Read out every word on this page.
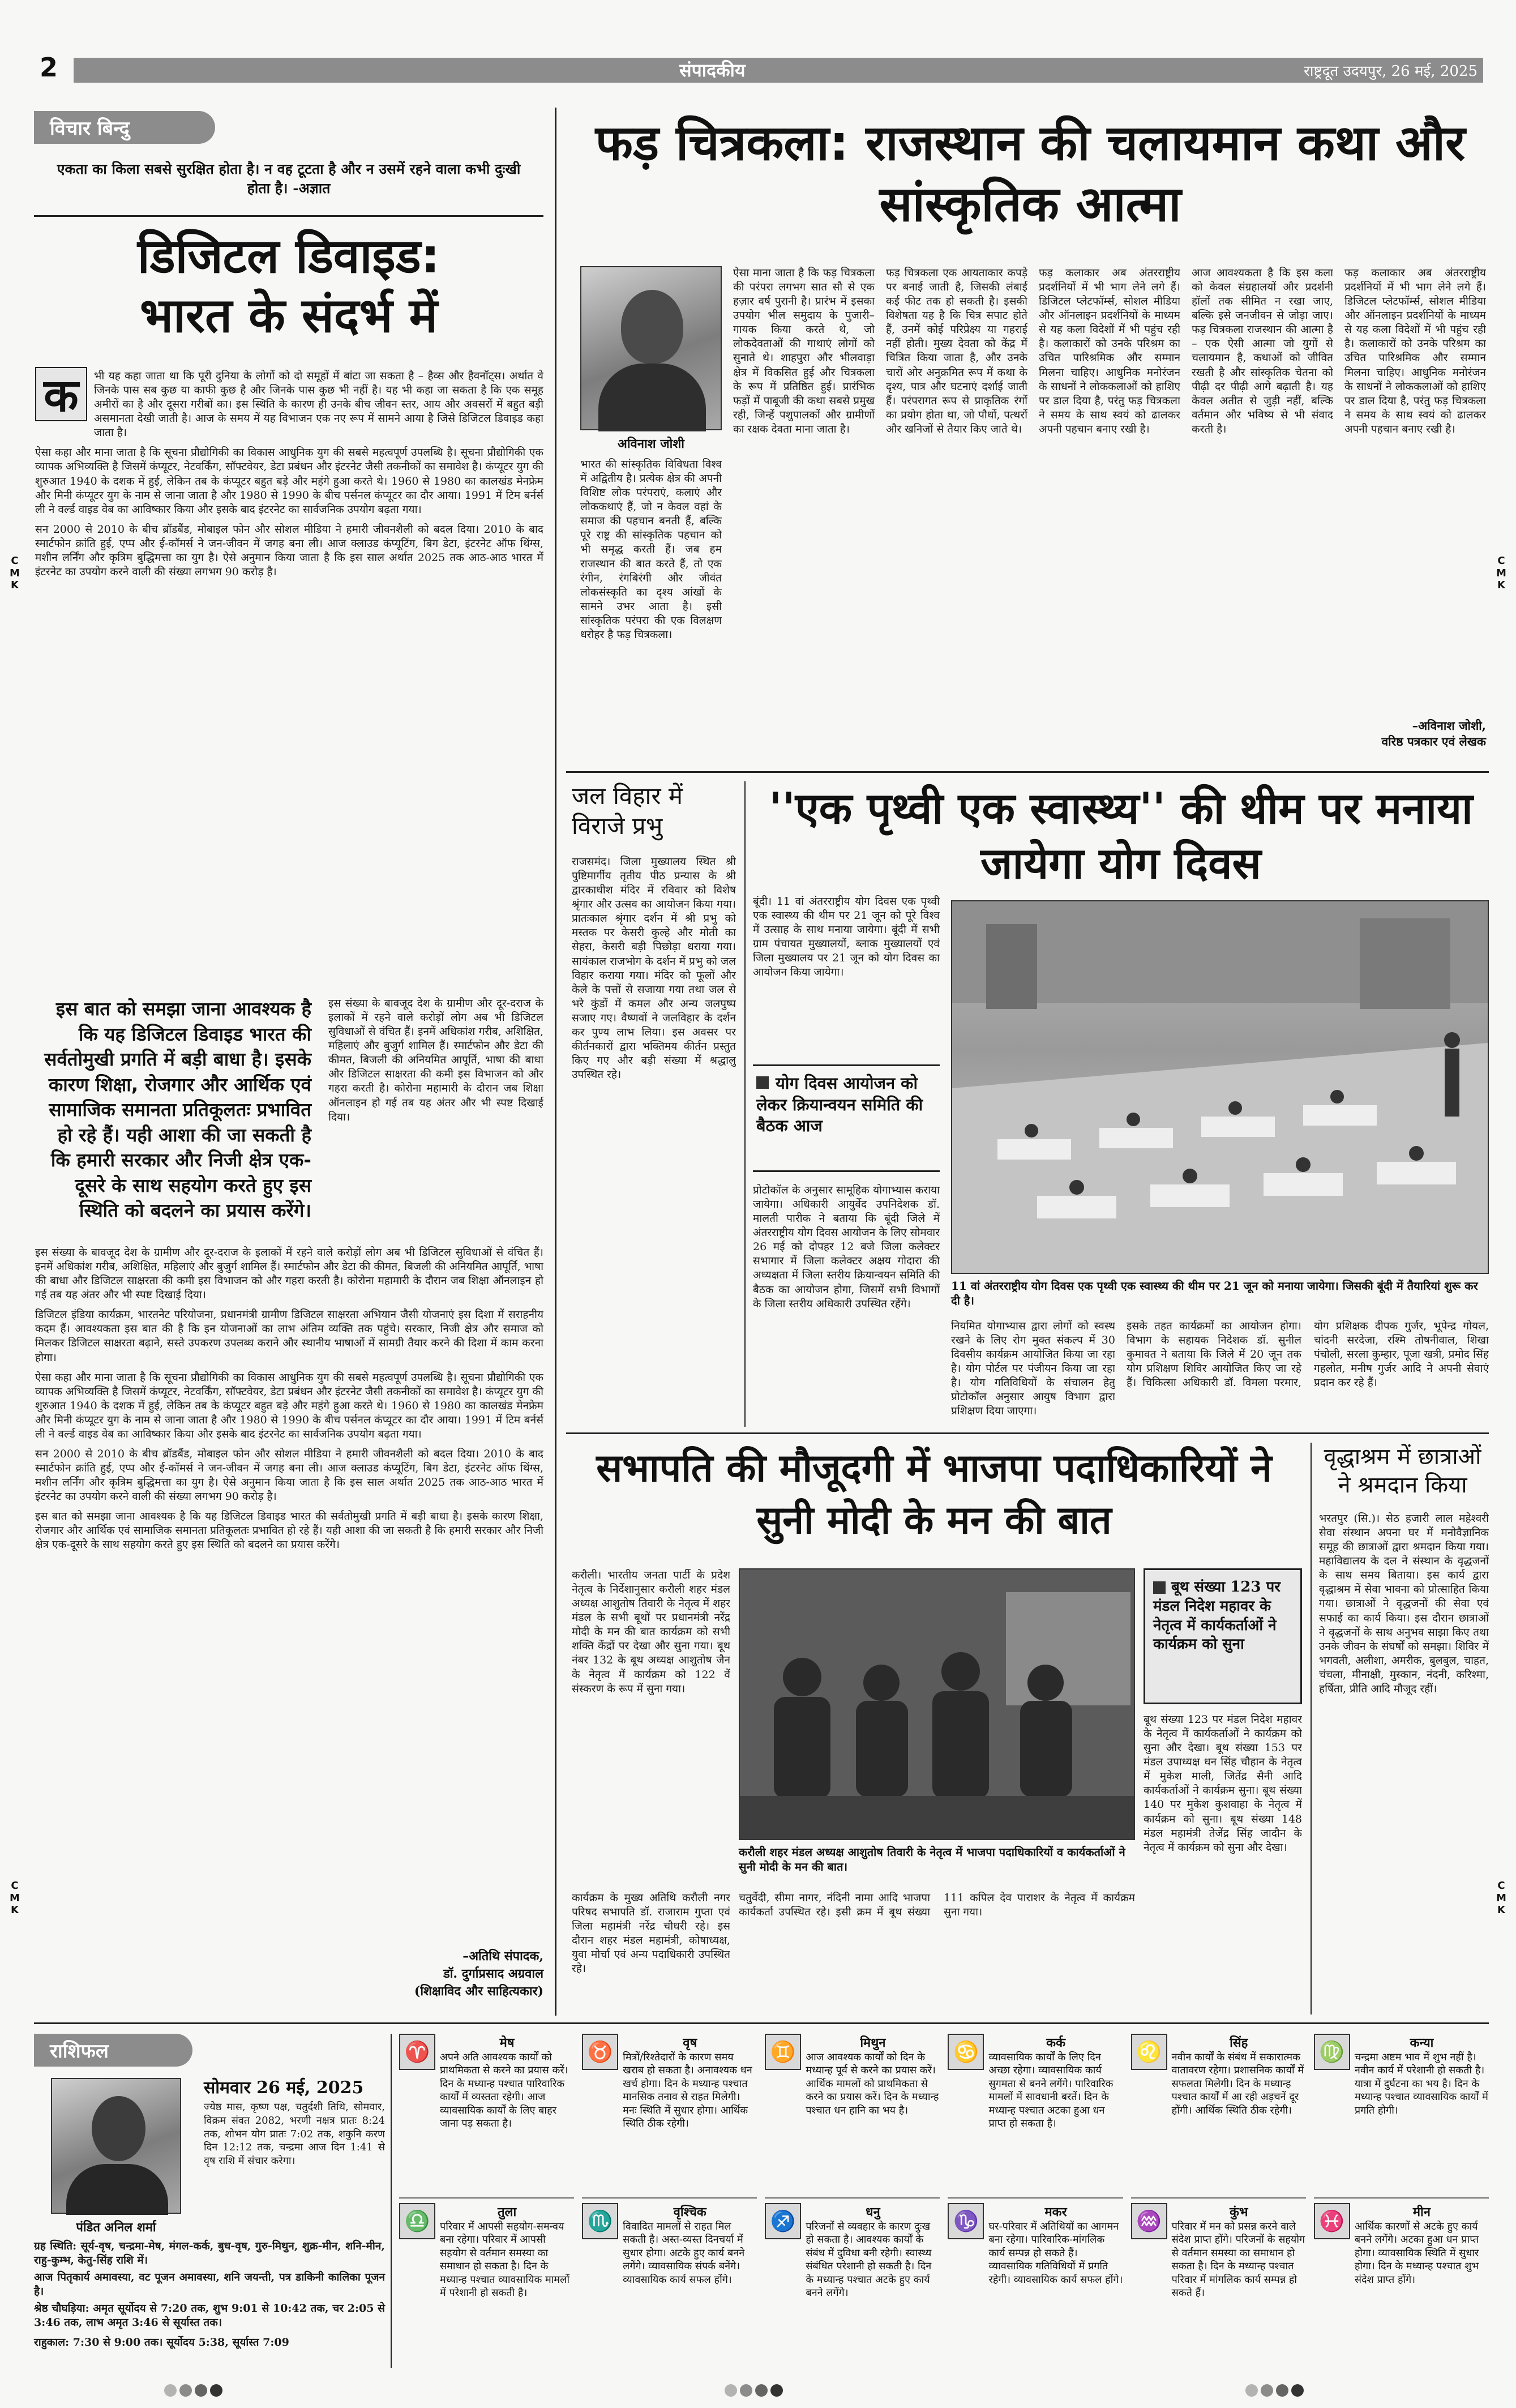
2	संपादकीय	राष्ट्रदूत उदयपुर, 26 मई, 2025
विचार बिन्दु
एकता का किला सबसे सुरक्षित होता है। न वह टूटता है और न उसमें रहने वाला कभी दुःखी होता है। -अज्ञात
डिजिटल डिवाइड: भारत के संदर्भ में
क	भी यह कहा जाता था कि पूरी दुनिया के लोगों को दो समूहों में बांटा जा सकता है – हैव्स और हैवनॉट्स। अर्थात वे जिनके पास सब कुछ या काफी कुछ है और जिनके पास कुछ भी नहीं है। यह भी कहा जा सकता है कि एक समूह अमीरों का है और दूसरा गरीबों का। इस स्थिति के कारण ही उनके बीच जीवन स्तर, आय और अवसरों में बहुत बड़ी असमानता देखी जाती है। आज के समय में यह विभाजन एक नए रूप में सामने आया है जिसे डिजिटल डिवाइड कहा जाता है।
ऐसा कहा और माना जाता है कि सूचना प्रौद्योगिकी का विकास आधुनिक युग की सबसे महत्वपूर्ण उपलब्धि है। सूचना प्रौद्योगिकी एक व्यापक अभिव्यक्ति है जिसमें कंप्यूटर, नेटवर्किंग, सॉफ्टवेयर, डेटा प्रबंधन और इंटरनेट जैसी तकनीकों का समावेश है। कंप्यूटर युग की शुरुआत 1940 के दशक में हुई, लेकिन तब के कंप्यूटर बहुत बड़े और महंगे हुआ करते थे। 1960 से 1980 का कालखंड मेनफ्रेम और मिनी कंप्यूटर युग के नाम से जाना जाता है और 1980 से 1990 के बीच पर्सनल कंप्यूटर का दौर आया। 1991 में टिम बर्नर्स ली ने वर्ल्ड वाइड वेब का आविष्कार किया और इसके बाद इंटरनेट का सार्वजनिक उपयोग बढ़ता गया।
सन 2000 से 2010 के बीच ब्रॉडबैंड, मोबाइल फोन और सोशल मीडिया ने हमारी जीवनशैली को बदल दिया। 2010 के बाद स्मार्टफोन क्रांति हुई, एप्प और ई-कॉमर्स ने जन-जीवन में जगह बना ली। आज क्लाउड कंप्यूटिंग, बिग डेटा, इंटरनेट ऑफ थिंग्स, मशीन लर्निंग और कृत्रिम बुद्धिमत्ता का युग है। ऐसे अनुमान किया जाता है कि इस साल अर्थात 2025 तक आठ-आठ भारत में इंटरनेट का उपयोग करने वाली की संख्या लगभग 90 करोड़ है।
इस बात को समझा जाना आवश्यक है कि यह डिजिटल डिवाइड भारत की सर्वतोमुखी प्रगति में बड़ी बाधा है। इसके कारण शिक्षा, रोजगार और आर्थिक एवं सामाजिक समानता प्रतिकूलतः प्रभावित हो रहे हैं। यही आशा की जा सकती है कि हमारी सरकार और निजी क्षेत्र एक-दूसरे के साथ सहयोग करते हुए इस स्थिति को बदलने का प्रयास करेंगे।
इस संख्या के बावजूद देश के ग्रामीण और दूर-दराज के इलाकों में रहने वाले करोड़ों लोग अब भी डिजिटल सुविधाओं से वंचित हैं। इनमें अधिकांश गरीब, अशिक्षित, महिलाएं और बुजुर्ग शामिल हैं। स्मार्टफोन और डेटा की कीमत, बिजली की अनियमित आपूर्ति, भाषा की बाधा और डिजिटल साक्षरता की कमी इस विभाजन को और गहरा करती है। कोरोना महामारी के दौरान जब शिक्षा ऑनलाइन हो गई तब यह अंतर और भी स्पष्ट दिखाई दिया।
इस संख्या के बावजूद देश के ग्रामीण और दूर-दराज के इलाकों में रहने वाले करोड़ों लोग अब भी डिजिटल सुविधाओं से वंचित हैं। इनमें अधिकांश गरीब, अशिक्षित, महिलाएं और बुजुर्ग शामिल हैं। स्मार्टफोन और डेटा की कीमत, बिजली की अनियमित आपूर्ति, भाषा की बाधा और डिजिटल साक्षरता की कमी इस विभाजन को और गहरा करती है। कोरोना महामारी के दौरान जब शिक्षा ऑनलाइन हो गई तब यह अंतर और भी स्पष्ट दिखाई दिया।
डिजिटल इंडिया कार्यक्रम, भारतनेट परियोजना, प्रधानमंत्री ग्रामीण डिजिटल साक्षरता अभियान जैसी योजनाएं इस दिशा में सराहनीय कदम हैं। आवश्यकता इस बात की है कि इन योजनाओं का लाभ अंतिम व्यक्ति तक पहुंचे। सरकार, निजी क्षेत्र और समाज को मिलकर डिजिटल साक्षरता बढ़ाने, सस्ते उपकरण उपलब्ध कराने और स्थानीय भाषाओं में सामग्री तैयार करने की दिशा में काम करना होगा।
ऐसा कहा और माना जाता है कि सूचना प्रौद्योगिकी का विकास आधुनिक युग की सबसे महत्वपूर्ण उपलब्धि है। सूचना प्रौद्योगिकी एक व्यापक अभिव्यक्ति है जिसमें कंप्यूटर, नेटवर्किंग, सॉफ्टवेयर, डेटा प्रबंधन और इंटरनेट जैसी तकनीकों का समावेश है। कंप्यूटर युग की शुरुआत 1940 के दशक में हुई, लेकिन तब के कंप्यूटर बहुत बड़े और महंगे हुआ करते थे। 1960 से 1980 का कालखंड मेनफ्रेम और मिनी कंप्यूटर युग के नाम से जाना जाता है और 1980 से 1990 के बीच पर्सनल कंप्यूटर का दौर आया। 1991 में टिम बर्नर्स ली ने वर्ल्ड वाइड वेब का आविष्कार किया और इसके बाद इंटरनेट का सार्वजनिक उपयोग बढ़ता गया।
सन 2000 से 2010 के बीच ब्रॉडबैंड, मोबाइल फोन और सोशल मीडिया ने हमारी जीवनशैली को बदल दिया। 2010 के बाद स्मार्टफोन क्रांति हुई, एप्प और ई-कॉमर्स ने जन-जीवन में जगह बना ली। आज क्लाउड कंप्यूटिंग, बिग डेटा, इंटरनेट ऑफ थिंग्स, मशीन लर्निंग और कृत्रिम बुद्धिमत्ता का युग है। ऐसे अनुमान किया जाता है कि इस साल अर्थात 2025 तक आठ-आठ भारत में इंटरनेट का उपयोग करने वाली की संख्या लगभग 90 करोड़ है।
इस बात को समझा जाना आवश्यक है कि यह डिजिटल डिवाइड भारत की सर्वतोमुखी प्रगति में बड़ी बाधा है। इसके कारण शिक्षा, रोजगार और आर्थिक एवं सामाजिक समानता प्रतिकूलतः प्रभावित हो रहे हैं। यही आशा की जा सकती है कि हमारी सरकार और निजी क्षेत्र एक-दूसरे के साथ सहयोग करते हुए इस स्थिति को बदलने का प्रयास करेंगे।
–अतिथि संपादक,
डॉ. दुर्गाप्रसाद अग्रवाल
(शिक्षाविद और साहित्यकार)
फड़ चित्रकला: राजस्थान की चलायमान कथा और सांस्कृतिक आत्मा
अविनाश जोशी
भारत की सांस्कृतिक विविधता विश्व में अद्वितीय है। प्रत्येक क्षेत्र की अपनी विशिष्ट लोक परंपराएं, कलाएं और लोककथाएं हैं, जो न केवल वहां के समाज की पहचान बनती हैं, बल्कि पूरे राष्ट्र की सांस्कृतिक पहचान को भी समृद्ध करती हैं। जब हम राजस्थान की बात करते हैं, तो एक रंगीन, रंगबिरंगी और जीवंत लोकसंस्कृति का दृश्य आंखों के सामने उभर आता है। इसी सांस्कृतिक परंपरा की एक विलक्षण धरोहर है फड़ चित्रकला।
ऐसा माना जाता है कि फड़ चित्रकला की परंपरा लगभग सात सौ से एक हज़ार वर्ष पुरानी है। प्रारंभ में इसका उपयोग भील समुदाय के पुजारी–गायक किया करते थे, जो लोकदेवताओं की गाथाएं लोगों को सुनाते थे। शाहपुरा और भीलवाड़ा क्षेत्र में विकसित हुई और चित्रकला के रूप में प्रतिष्ठित हुई। प्रारंभिक फड़ों में पाबूजी की कथा सबसे प्रमुख रही, जिन्हें पशुपालकों और ग्रामीणों का रक्षक देवता माना जाता है।
फड़ चित्रकला एक आयताकार कपड़े पर बनाई जाती है, जिसकी लंबाई कई फीट तक हो सकती है। इसकी विशेषता यह है कि चित्र सपाट होते हैं, उनमें कोई परिप्रेक्ष्य या गहराई नहीं होती। मुख्य देवता को केंद्र में चित्रित किया जाता है, और उनके चारों ओर अनुक्रमित रूप में कथा के दृश्य, पात्र और घटनाएं दर्शाई जाती हैं। परंपरागत रूप से प्राकृतिक रंगों का प्रयोग होता था, जो पौधों, पत्थरों और खनिजों से तैयार किए जाते थे।
फड़ कलाकार अब अंतरराष्ट्रीय प्रदर्शनियों में भी भाग लेने लगे हैं। डिजिटल प्लेटफॉर्म्स, सोशल मीडिया और ऑनलाइन प्रदर्शनियों के माध्यम से यह कला विदेशों में भी पहुंच रही है। कलाकारों को उनके परिश्रम का उचित पारिश्रमिक और सम्मान मिलना चाहिए। आधुनिक मनोरंजन के साधनों ने लोककलाओं को हाशिए पर डाल दिया है, परंतु फड़ चित्रकला ने समय के साथ स्वयं को ढालकर अपनी पहचान बनाए रखी है।
आज आवश्यकता है कि इस कला को केवल संग्रहालयों और प्रदर्शनी हॉलों तक सीमित न रखा जाए, बल्कि इसे जनजीवन से जोड़ा जाए। फड़ चित्रकला राजस्थान की आत्मा है – एक ऐसी आत्मा जो युगों से चलायमान है, कथाओं को जीवित रखती है और सांस्कृतिक चेतना को पीढ़ी दर पीढ़ी आगे बढ़ाती है। यह केवल अतीत से जुड़ी नहीं, बल्कि वर्तमान और भविष्य से भी संवाद करती है।
फड़ कलाकार अब अंतरराष्ट्रीय प्रदर्शनियों में भी भाग लेने लगे हैं। डिजिटल प्लेटफॉर्म्स, सोशल मीडिया और ऑनलाइन प्रदर्शनियों के माध्यम से यह कला विदेशों में भी पहुंच रही है। कलाकारों को उनके परिश्रम का उचित पारिश्रमिक और सम्मान मिलना चाहिए। आधुनिक मनोरंजन के साधनों ने लोककलाओं को हाशिए पर डाल दिया है, परंतु फड़ चित्रकला ने समय के साथ स्वयं को ढालकर अपनी पहचान बनाए रखी है।
–अविनाश जोशी,
वरिष्ठ पत्रकार एवं लेखक
जल विहार में विराजे प्रभु
राजसमंद। जिला मुख्यालय स्थित श्री पुष्टिमार्गीय तृतीय पीठ प्रन्यास के श्री द्वारकाधीश मंदिर में रविवार को विशेष श्रृंगार और उत्सव का आयोजन किया गया। प्रातःकाल श्रृंगार दर्शन में श्री प्रभु को मस्तक पर केसरी कुल्हे और मोती का सेहरा, केसरी बड़ी पिछोड़ा धराया गया। सायंकाल राजभोग के दर्शन में प्रभु को जल विहार कराया गया। मंदिर को फूलों और केले के पत्तों से सजाया गया तथा जल से भरे कुंडों में कमल और अन्य जलपुष्प सजाए गए। वैष्णवों ने जलविहार के दर्शन कर पुण्य लाभ लिया। इस अवसर पर कीर्तनकारों द्वारा भक्तिमय कीर्तन प्रस्तुत किए गए और बड़ी संख्या में श्रद्धालु उपस्थित रहे।
''एक पृथ्वी एक स्वास्थ्य'' की थीम पर मनाया जायेगा योग दिवस
बूंदी। 11 वां अंतरराष्ट्रीय योग दिवस एक पृथ्वी एक स्वास्थ्य की थीम पर 21 जून को पूरे विश्व में उत्साह के साथ मनाया जायेगा। बूंदी में सभी ग्राम पंचायत मुख्यालयों, ब्लाक मुख्यालयों एवं जिला मुख्यालय पर 21 जून को योग दिवस का आयोजन किया जायेगा।
योग दिवस आयोजन को लेकर क्रियान्वयन समिति की बैठक आज
प्रोटोकॉल के अनुसार सामूहिक योगाभ्यास कराया जायेगा। अधिकारी आयुर्वेद उपनिदेशक डॉ. मालती पारीक ने बताया कि बूंदी जिले में अंतरराष्ट्रीय योग दिवस आयोजन के लिए सोमवार 26 मई को दोपहर 12 बजे जिला कलेक्टर सभागार में जिला कलेक्टर अक्षय गोदारा की अध्यक्षता में जिला स्तरीय क्रियान्वयन समिति की बैठक का आयोजन होगा, जिसमें सभी विभागों के जिला स्तरीय अधिकारी उपस्थित रहेंगे।
11 वां अंतरराष्ट्रीय योग दिवस एक पृथ्वी एक स्वास्थ्य की थीम पर 21 जून को मनाया जायेगा। जिसकी बूंदी में तैयारियां शुरू कर दी है।
नियमित योगाभ्यास द्वारा लोगों को स्वस्थ रखने के लिए रोग मुक्त संकल्प में 30 दिवसीय कार्यक्रम आयोजित किया जा रहा है। योग पोर्टल पर पंजीयन किया जा रहा है। योग गतिविधियों के संचालन हेतु प्रोटोकॉल अनुसार आयुष विभाग द्वारा प्रशिक्षण दिया जाएगा।
इसके तहत कार्यक्रमों का आयोजन होगा। विभाग के सहायक निदेशक डॉ. सुनील कुमावत ने बताया कि जिले में 20 जून तक योग प्रशिक्षण शिविर आयोजित किए जा रहे हैं। चिकित्सा अधिकारी डॉ. विमला परमार, योग प्रशिक्षक दीपक गुर्जर, भूपेन्द्र गोयल, चांदनी सरदेजा, रश्मि तोषनीवाल, शिखा पंचोली, सरला कुम्हार, पूजा खत्री, प्रमोद सिंह गहलोत, मनीष गुर्जर आदि ने अपनी सेवाएं प्रदान कर रहे हैं।
सभापति की मौजूदगी में भाजपा पदाधिकारियों ने सुनी मोदी के मन की बात
करौली। भारतीय जनता पार्टी के प्रदेश नेतृत्व के निर्देशानुसार करौली शहर मंडल अध्यक्ष आशुतोष तिवारी के नेतृत्व में शहर मंडल के सभी बूथों पर प्रधानमंत्री नरेंद्र मोदी के मन की बात कार्यक्रम को सभी शक्ति केंद्रों पर देखा और सुना गया। बूथ नंबर 132 के बूथ अध्यक्ष आशुतोष जैन के नेतृत्व में कार्यक्रम को 122 वें संस्करण के रूप में सुना गया।
करौली शहर मंडल अध्यक्ष आशुतोष तिवारी के नेतृत्व में भाजपा पदाधिकारियों व कार्यकर्ताओं ने सुनी मोदी के मन की बात।
बूथ संख्या 123 पर मंडल निदेश महावर के नेतृत्व में कार्यकर्ताओं ने कार्यक्रम को सुना
बूथ संख्या 123 पर मंडल निदेश महावर के नेतृत्व में कार्यकर्ताओं ने कार्यक्रम को सुना और देखा। बूथ संख्या 153 पर मंडल उपाध्यक्ष धन सिंह चौहान के नेतृत्व में मुकेश माली, जितेंद्र सैनी आदि कार्यकर्ताओं ने कार्यक्रम सुना। बूथ संख्या 140 पर मुकेश कुशवाहा के नेतृत्व में कार्यक्रम को सुना। बूथ संख्या 148 मंडल महामंत्री तेजेंद्र सिंह जादौन के नेतृत्व में कार्यक्रम को सुना और देखा।
कार्यक्रम के मुख्य अतिथि करौली नगर परिषद सभापति डॉ. राजाराम गुप्ता एवं जिला महामंत्री नरेंद्र चौधरी रहे। इस दौरान शहर मंडल महामंत्री, कोषाध्यक्ष, युवा मोर्चा एवं अन्य पदाधिकारी उपस्थित रहे।
चतुर्वेदी, सीमा नागर, नंदिनी नामा आदि भाजपा कार्यकर्ता उपस्थित रहे। इसी क्रम में बूथ संख्या 111 कपिल देव पाराशर के नेतृत्व में कार्यक्रम सुना गया।
वृद्धाश्रम में छात्राओं ने श्रमदान किया
भरतपुर (सि.)। सेठ हजारी लाल महेश्वरी सेवा संस्थान अपना घर में मनोवैज्ञानिक समूह की छात्राओं द्वारा श्रमदान किया गया। महाविद्यालय के दल ने संस्थान के वृद्धजनों के साथ समय बिताया। इस कार्य द्वारा वृद्धाश्रम में सेवा भावना को प्रोत्साहित किया गया। छात्राओं ने वृद्धजनों की सेवा एवं सफाई का कार्य किया। इस दौरान छात्राओं ने वृद्धजनों के साथ अनुभव साझा किए तथा उनके जीवन के संघर्षों को समझा। शिविर में भगवती, अलीशा, अमरीक, बुलबुल, चाहत, चंचला, मीनाक्षी, मुस्कान, नंदनी, करिश्मा, हर्षिता, प्रीति आदि मौजूद रहीं।
राशिफल
पंडित अनिल शर्मा
सोमवार 26 मई, 2025
ज्येष्ठ मास, कृष्ण पक्ष, चतुर्दशी तिथि, सोमवार, विक्रम संवत 2082, भरणी नक्षत्र प्रातः 8:24 तक, शोभन योग प्रातः 7:02 तक, शकुनि करण दिन 12:12 तक, चन्द्रमा आज दिन 1:41 से वृष राशि में संचार करेगा।
ग्रह स्थिति: सूर्य-वृष, चन्द्रमा-मेष, मंगल-कर्क, बुध-वृष, गुरु-मिथुन, शुक्र-मीन, शनि-मीन, राहु-कुम्भ, केतु-सिंह राशि में।
आज पितृकार्य अमावस्या, वट पूजन अमावस्या, शनि जयन्ती, पत्र डाकिनी कालिका पूजन है।
श्रेष्ठ चौघड़िया: अमृत सूर्योदय से 7:20 तक, शुभ 9:01 से 10:42 तक, चर 2:05 से 3:46 तक, लाभ अमृत 3:46 से सूर्यास्त तक।
राहुकाल: 7:30 से 9:00 तक। सूर्योदय 5:38, सूर्यास्त 7:09
♈	मेष
अपने अति आवश्यक कार्यों को प्राथमिकता से करने का प्रयास करें। दिन के मध्यान्ह पश्चात पारिवारिक कार्यों में व्यस्तता रहेगी। आज व्यावसायिक कार्यों के लिए बाहर जाना पड़ सकता है।
♉	वृष
मित्रों/रिश्तेदारों के कारण समय खराब हो सकता है। अनावश्यक धन खर्च होगा। दिन के मध्यान्ह पश्चात मानसिक तनाव से राहत मिलेगी। मनः स्थिति में सुधार होगा। आर्थिक स्थिति ठीक रहेगी।
♊	मिथुन
आज आवश्यक कार्यों को दिन के मध्यान्ह पूर्व से करने का प्रयास करें। आर्थिक मामलों को प्राथमिकता से करने का प्रयास करें। दिन के मध्यान्ह पश्चात धन हानि का भय है।
♋	कर्क
व्यावसायिक कार्यों के लिए दिन अच्छा रहेगा। व्यावसायिक कार्य सुगमता से बनने लगेंगे। पारिवारिक मामलों में सावधानी बरतें। दिन के मध्यान्ह पश्चात अटका हुआ धन प्राप्त हो सकता है।
♌	सिंह
नवीन कार्यों के संबंध में सकारात्मक वातावरण रहेगा। प्रशासनिक कार्यों में सफलता मिलेगी। दिन के मध्यान्ह पश्चात कार्यों में आ रही अड़चनें दूर होंगी। आर्थिक स्थिति ठीक रहेगी।
♍	कन्या
चन्द्रमा अष्टम भाव में शुभ नहीं है। नवीन कार्य में परेशानी हो सकती है। यात्रा में दुर्घटना का भय है। दिन के मध्यान्ह पश्चात व्यावसायिक कार्यों में प्रगति होगी।
♎	तुला
परिवार में आपसी सहयोग-समन्वय बना रहेगा। परिवार में आपसी सहयोग से वर्तमान समस्या का समाधान हो सकता है। दिन के मध्यान्ह पश्चात व्यावसायिक मामलों में परेशानी हो सकती है।
♏	वृश्चिक
विवादित मामलों से राहत मिल सकती है। अस्त-व्यस्त दिनचर्या में सुधार होगा। अटके हुए कार्य बनने लगेंगे। व्यावसायिक संपर्क बनेंगे। व्यावसायिक कार्य सफल होंगे।
♐	धनु
परिजनों से व्यवहार के कारण दुःख हो सकता है। आवश्यक कार्यों के संबंध में दुविधा बनी रहेगी। स्वास्थ्य संबंधित परेशानी हो सकती है। दिन के मध्यान्ह पश्चात अटके हुए कार्य बनने लगेंगे।
♑	मकर
घर-परिवार में अतिथियों का आगमन बना रहेगा। पारिवारिक-मांगलिक कार्य सम्पन्न हो सकते हैं। व्यावसायिक गतिविधियों में प्रगति रहेगी। व्यावसायिक कार्य सफल होंगे।
♒	कुंभ
परिवार में मन को प्रसन्न करने वाले संदेश प्राप्त होंगे। परिजनों के सहयोग से वर्तमान समस्या का समाधान हो सकता है। दिन के मध्यान्ह पश्चात परिवार में मांगलिक कार्य सम्पन्न हो सकते हैं।
♓	मीन
आर्थिक कारणों से अटके हुए कार्य बनने लगेंगे। अटका हुआ धन प्राप्त होगा। व्यावसायिक स्थिति में सुधार होगा। दिन के मध्यान्ह पश्चात शुभ संदेश प्राप्त होंगे।

C M K
C M K
C M K
C M K
